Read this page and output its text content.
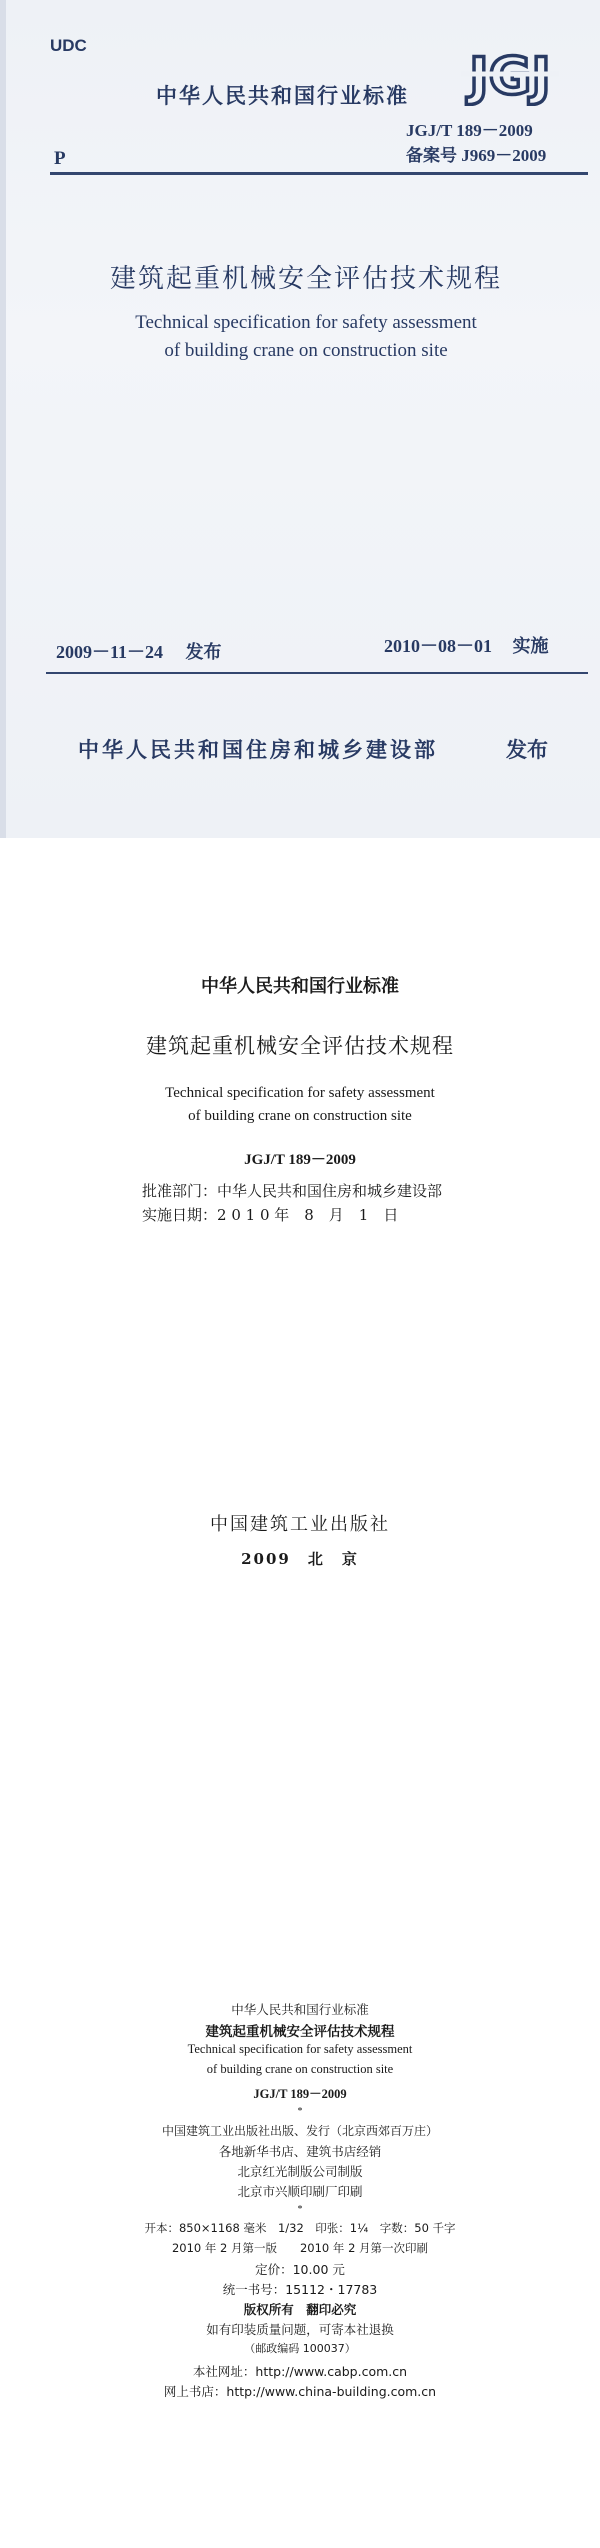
UDC
中华人民共和国行业标准 JGJ
JGJ/T 189－2009
P	备案号 J969－2009
建筑起重机械安全评估技术规程
Technical specification for safety assessment
of building crane on construction site
2009－11－24 发布	2010－08－01 实施
中华人民共和国住房和城乡建设部	发布
中华人民共和国行业标准
建筑起重机械安全评估技术规程
Technical specification for safety assessment
of building crane on construction site
JGJ/T 189－2009
批准部门：中华人民共和国住房和城乡建设部
实施日期：2 0 1 0 年　8　月　1　日
中国建筑工业出版社
2009　北　京
中华人民共和国行业标准
建筑起重机械安全评估技术规程
Technical specification for safety assessment
of building crane on construction site
JGJ/T 189－2009
*
中国建筑工业出版社出版、发行（北京西郊百万庄）
各地新华书店、建筑书店经销
北京红光制版公司制版
北京市兴顺印刷厂印刷
*
开本：850×1168 毫米　1/32　印张：1¼　字数：50 千字
2010 年 2 月第一版　　2010 年 2 月第一次印刷
定价：10.00 元
统一书号：15112・17783
版权所有　翻印必究
如有印装质量问题，可寄本社退换
（邮政编码 100037）
本社网址：http://www.cabp.com.cn
网上书店：http://www.china-building.com.cn
